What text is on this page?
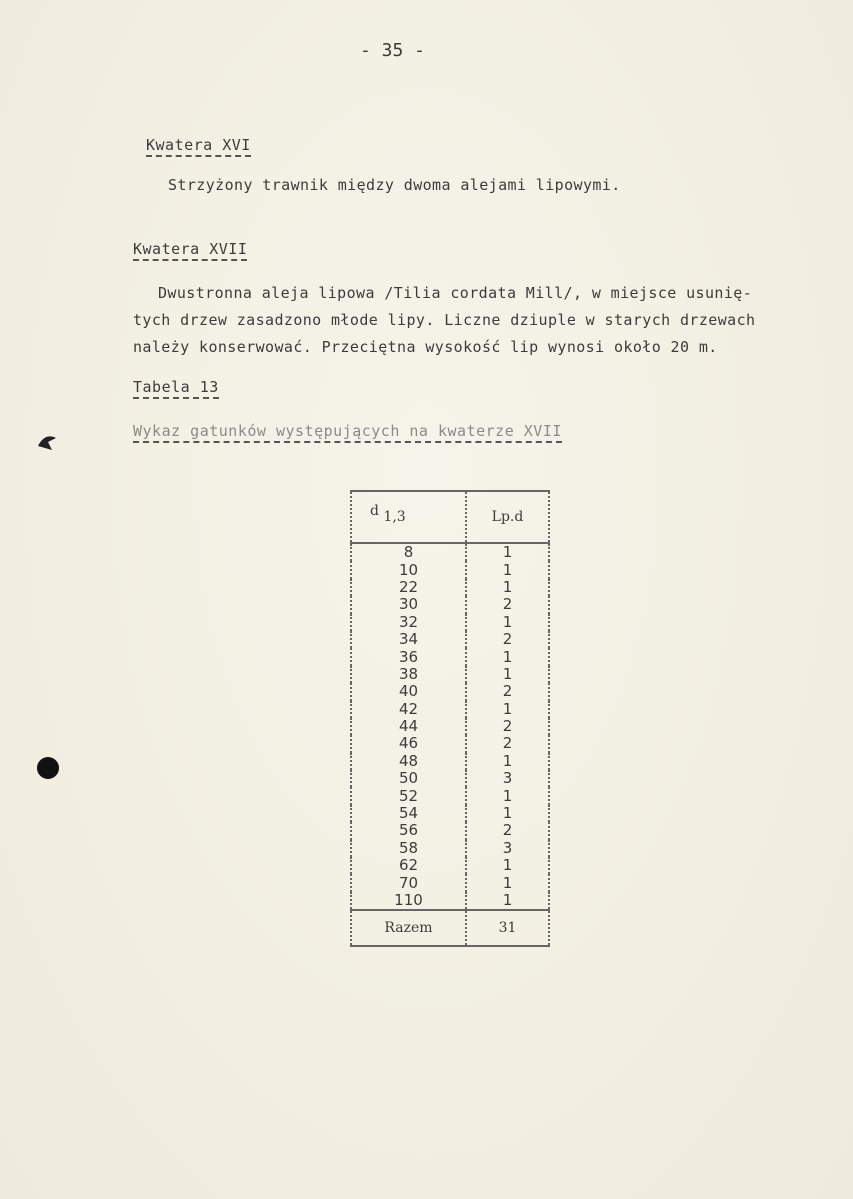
- 35 -
Kwatera XVI
Strzyżony trawnik między dwoma alejami lipowymi.
Kwatera XVII
Dwustronna aleja lipowa /Tilia cordata Mill/, w miejsce usunię-
tych drzew zasadzono młode lipy. Liczne dziuple w starych drzewach
należy konserwować. Przeciętna wysokość lip wynosi około 20 m.
Tabela 13
Wykaz gatunków występujących na kwaterze XVII
d 1,3	Lp.d
8	1
10	1
22	1
30	2
32	1
34	2
36	1
38	1
40	2
42	1
44	2
46	2
48	1
50	3
52	1
54	1
56	2
58	3
62	1
70	1
110	1
Razem	31
